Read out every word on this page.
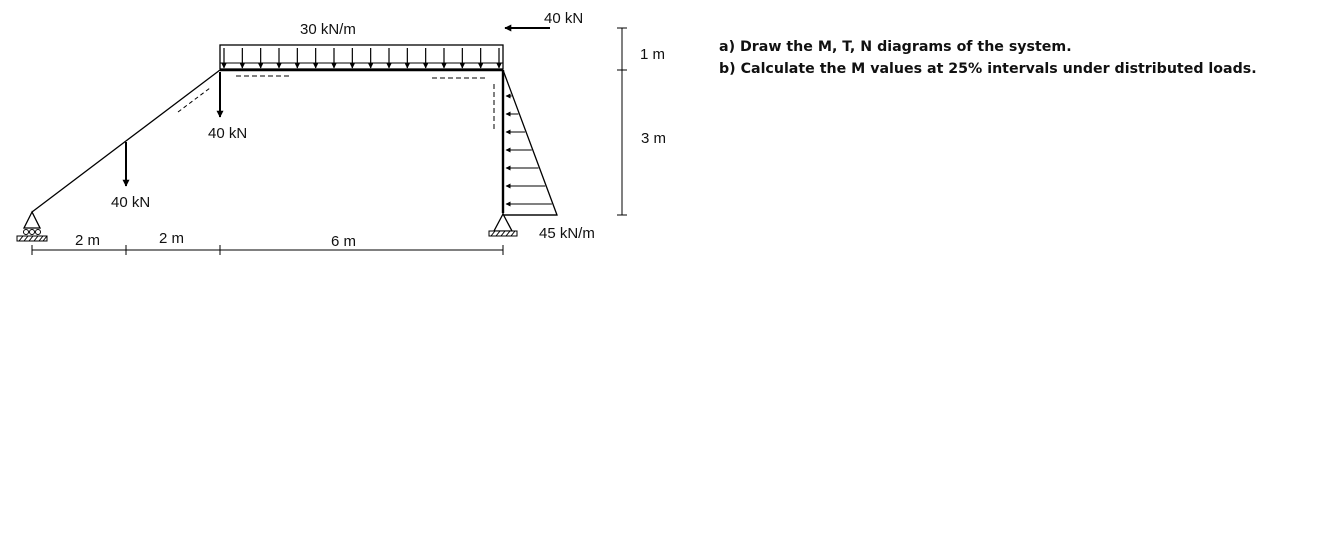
30 kN/m
40 kN
40 kN
40 kN
45 kN/m
2 m	2 m	6 m
1 m
3 m

a) Draw the M, T, N diagrams of the system.

b) Calculate the M values at 25% intervals under distributed loads.
